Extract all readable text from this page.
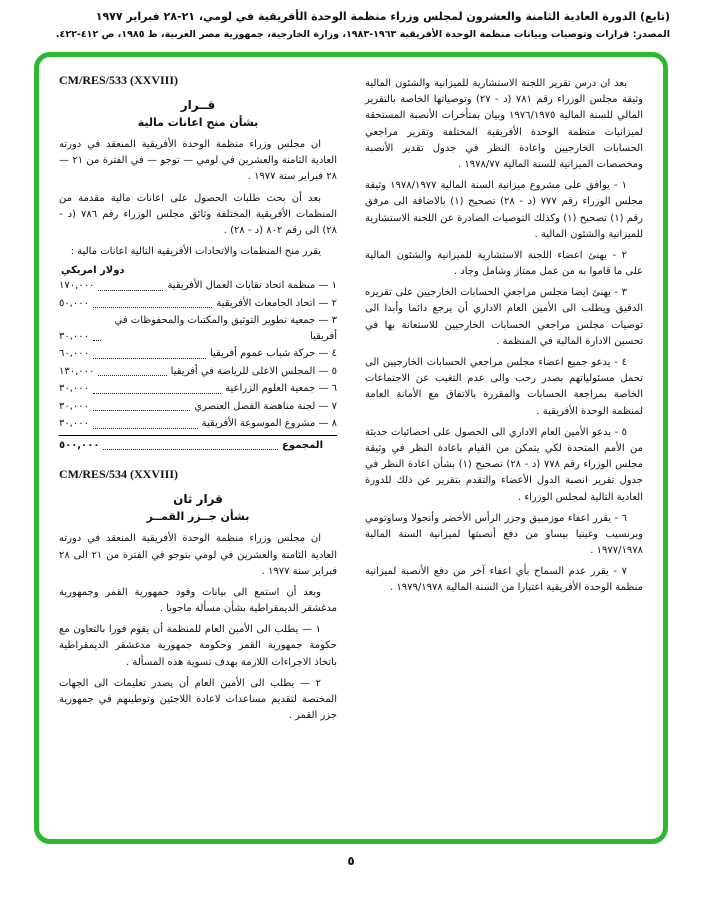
(تابع) الدورة العادية الثامنة والعشرون لمجلس وزراء منظمة الوحدة الأفريقية في لومي، ٢١-٢٨ فبراير ١٩٧٧
المصدر: قرارات وتوصيات وبيانات منظمة الوحدة الأفريقية ١٩٦٣-١٩٨٣، وزارة الخارجية، جمهورية مصر العربية، ط ١٩٨٥، ص ٤١٢-٤٢٢.

بعد ان درس تقرير اللجنة الاستشارية للميزانية والشئون المالية وثيقة مجلس الوزراء رقم ٧٨١ (د - ٢٧) وتوصياتها الخاصة بالتقرير المالي للسنة المالية ١٩٧٦/١٩٧٥ وبيان بمتأخرات الأنصبة المستحقة لميزانيات منظمة الوحدة الأفريقية المختلفة وتقرير مراجعي الحسابات الخارجيين واعادة النظر في جدول تقدير الأنصبة ومخصصات الميزانية للسنة المالية ١٩٧٨/٧٧ .

١ - يوافق على مشروع ميزانية السنة المالية ١٩٧٨/١٩٧٧ وثيقة مجلس الوزراء رقم ٧٧٧ (د - ٢٨) تصحيح (١) بالاضافة الى مرفق رقم (١) تصحيح (١) وكذلك التوصيات الصادرة عن اللجنة الاستشارية للميزانية والشئون المالية .

٢ - يهنئ اعضاء اللجنة الاستشارية للميزانية والشئون المالية على ما قاموا به من عمل ممتاز وشامل وجاد .

٣ - يهنئ ايضا مجلس مراجعي الحسابات الخارجيين على تقريره الدقيق ويطلب الى الأمين العام الاداري أن يرجع دائما وأبدا الى توصيات مجلس مراجعي الحسابات الخارجيين للاستعانة بها في تحسين الادارة المالية في المنظمة .

٤ - يدعو جميع اعضاء مجلس مراجعي الحسابات الخارجيين الى تحمل مسئولياتهم بصدر رحب والى عدم التغيب عن الاجتماعات الخاصة بمراجعة الحسابات والمقررة بالاتفاق مع الأمانة العامة لمنظمة الوحدة الأفريقية .

٥ - يدعو الأمين العام الاداري الى الحصول على احصائيات حديثة من الأمم المتحدة لكي يتمكن من القيام باعادة النظر في وثيقة مجلس الوزراء رقم ٧٧٨ (د - ٢٨) تصحيح (١) بشأن اعادة النظر في جدول تقرير انصبة الدول الأعضاء والتقدم بتقرير عن ذلك للدورة العادية التالية لمجلس الوزراء .

٦ - يقرر اعفاء موزمبيق وجزر الرأس الأخضر وأنجولا وساوتومي وبرنسيب وغينيا بيساو من دفع أنصبتها لميزانية السنة المالية ١٩٧٧/١٩٧٨ .

٧ - يقرر عدم السماح بأي اعفاء آخر من دفع الأنصبة لميزانية منظمة الوحدة الأفريقية اعتبارا من السنة المالية ١٩٧٩/١٩٧٨ .

CM/RES/533 (XXVIII)
قــرار
بشأن منح اعانات مالية

ان مجلس وزراء منظمة الوحدة الأفريقية المنعقد في دورته العادية الثامنة والعشرين في لومي — توجو — في الفترة من ٢١ — ٢٨ فبراير سنة ١٩٧٧ .

بعد أن بحث طلبات الحصول على اعانات مالية مقدمة من المنظمات الأفريقية المختلفة وثائق مجلس الوزراء رقم ٧٨٦ (د - ٢٨) الى رقم ٨٠٢ (د - ٢٨) .

يقرر منح المنظمات والاتحادات الأفريقية التالية اعانات مالية :

دولار امريكي
١ — منظمة اتحاد نقابات العمال الأفريقية
١٧٠,٠٠٠
٢ — اتحاد الجامعات الأفريقية
٥٠,٠٠٠
٣ — جمعية تطوير التوثيق والمكتبات والمحفوظات في أفريقيا
٣٠,٠٠٠
٤ — حركة شباب عموم أفريقيا
٦٠,٠٠٠
٥ — المجلس الاعلى للرياضة في أفريقيا
١٣٠,٠٠٠
٦ — جمعية العلوم الزراعية
٣٠,٠٠٠
٧ — لجنة مناهضة الفصل العنصري
٣٠,٠٠٠
٨ — مشروع الموسوعة الأفريقية
٣٠,٠٠٠
المجموع
٥٠٠,٠٠٠
CM/RES/534 (XXVIII)
قرار ثان
بشأن جــزر القمــر

ان مجلس وزراء منظمة الوحدة الأفريقية المنعقد في دورته العادية الثامنة والعشرين في لومي بتوجو في الفترة من ٢١ الى ٢٨ فبراير سنة ١٩٧٧ .

وبعد أن استمع الى بيانات وفود جمهورية القمر وجمهورية مدغشقر الديمقراطية بشأن مسألة ماجونا .

١ — يطلب الى الأمين العام للمنظمة أن يقوم فورا بالتعاون مع حكومة جمهورية القمر وحكومة جمهورية مدغشقر الديمقراطية باتخاذ الاجراءات اللازمة بهدف تسوية هذه المسألة .

٢ — يطلب الى الأمين العام أن يصدر تعليمات الى الجهات المختصة لتقديم مساعدات لاعادة اللاجئين وتوطينهم في جمهورية جزر القمر .

٥
